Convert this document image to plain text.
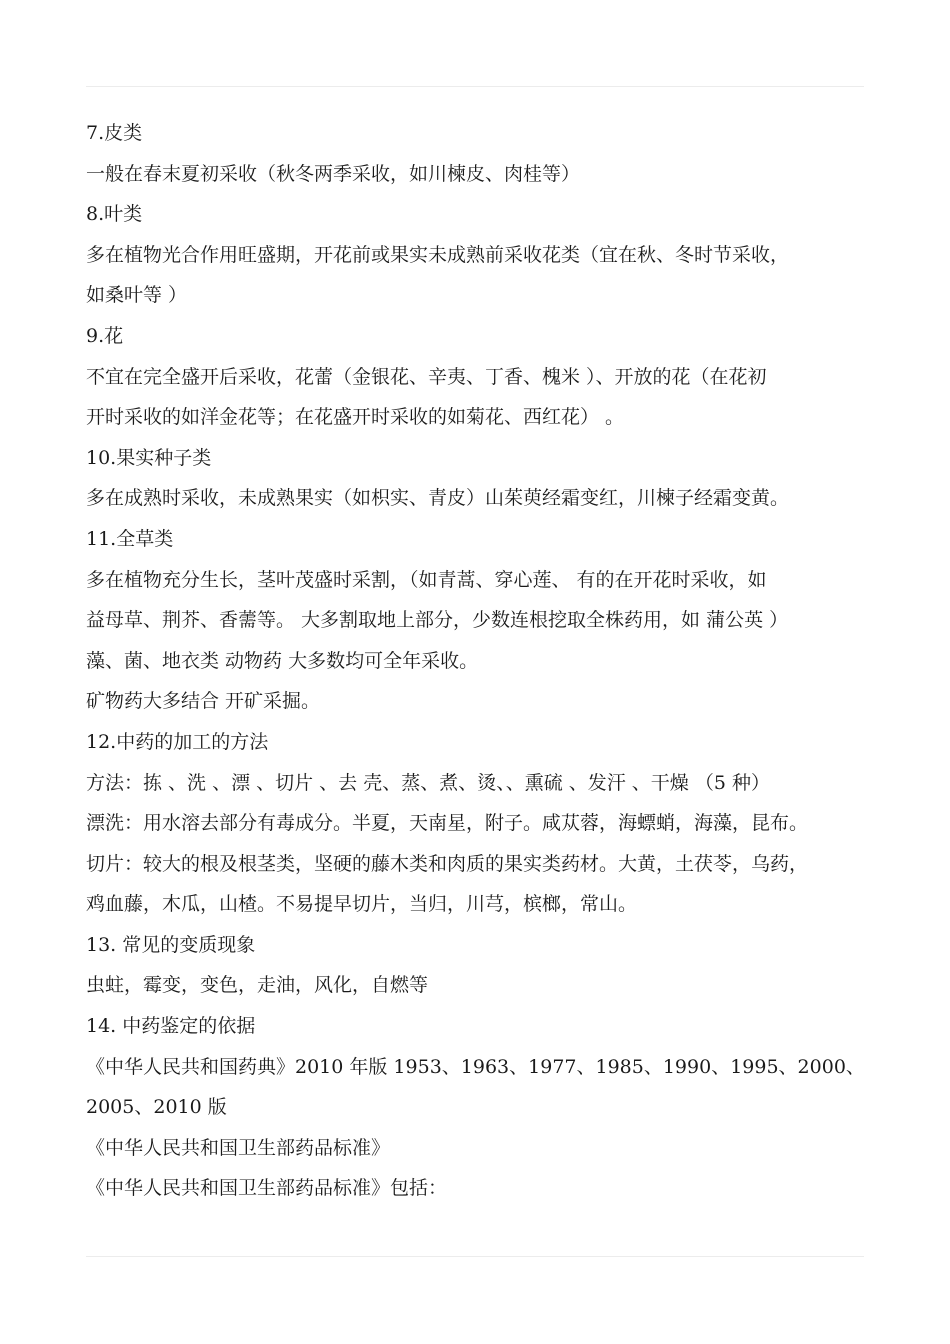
7.皮类
一般在春末夏初采收（秋冬两季采收，如川楝皮、肉桂等）
8.叶类
多在植物光合作用旺盛期，开花前或果实未成熟前采收花类（宜在秋、冬时节采收，
如桑叶等 ）
9.花
不宜在完全盛开后采收，花蕾（金银花、辛夷、丁香、槐米 ）、开放的花（在花初
开时采收的如洋金花等；在花盛开时采收的如菊花、西红花） 。
10.果实种子类
多在成熟时采收，未成熟果实（如枳实、青皮）山茱萸经霜变红，川楝子经霜变黄。
11.全草类
多在植物充分生长，茎叶茂盛时采割，（如青蒿、穿心莲、 有的在开花时采收，如
益母草、荆芥、香薷等。 大多割取地上部分，少数连根挖取全株药用，如 蒲公英 ）
藻、菌、地衣类 动物药 大多数均可全年采收。
矿物药大多结合 开矿采掘。
12.中药的加工的方法
方法：拣 、洗 、漂 、切片 、去 壳、蒸、煮、烫、、熏硫 、发汗 、干燥 （5 种）
漂洗：用水溶去部分有毒成分。半夏，天南星，附子。咸苁蓉，海螵蛸，海藻，昆布。
切片：较大的根及根茎类，坚硬的藤木类和肉质的果实类药材。大黄，土茯苓，乌药，
鸡血藤，木瓜，山楂。不易提早切片，当归，川芎，槟榔，常山。
13. 常见的变质现象
虫蛀，霉变，变色，走油，风化，自燃等
14. 中药鉴定的依据
《中华人民共和国药典》2010 年版 1953、1963、1977、1985、1990、1995、2000、
2005、2010 版
《中华人民共和国卫生部药品标准》
《中华人民共和国卫生部药品标准》包括：
